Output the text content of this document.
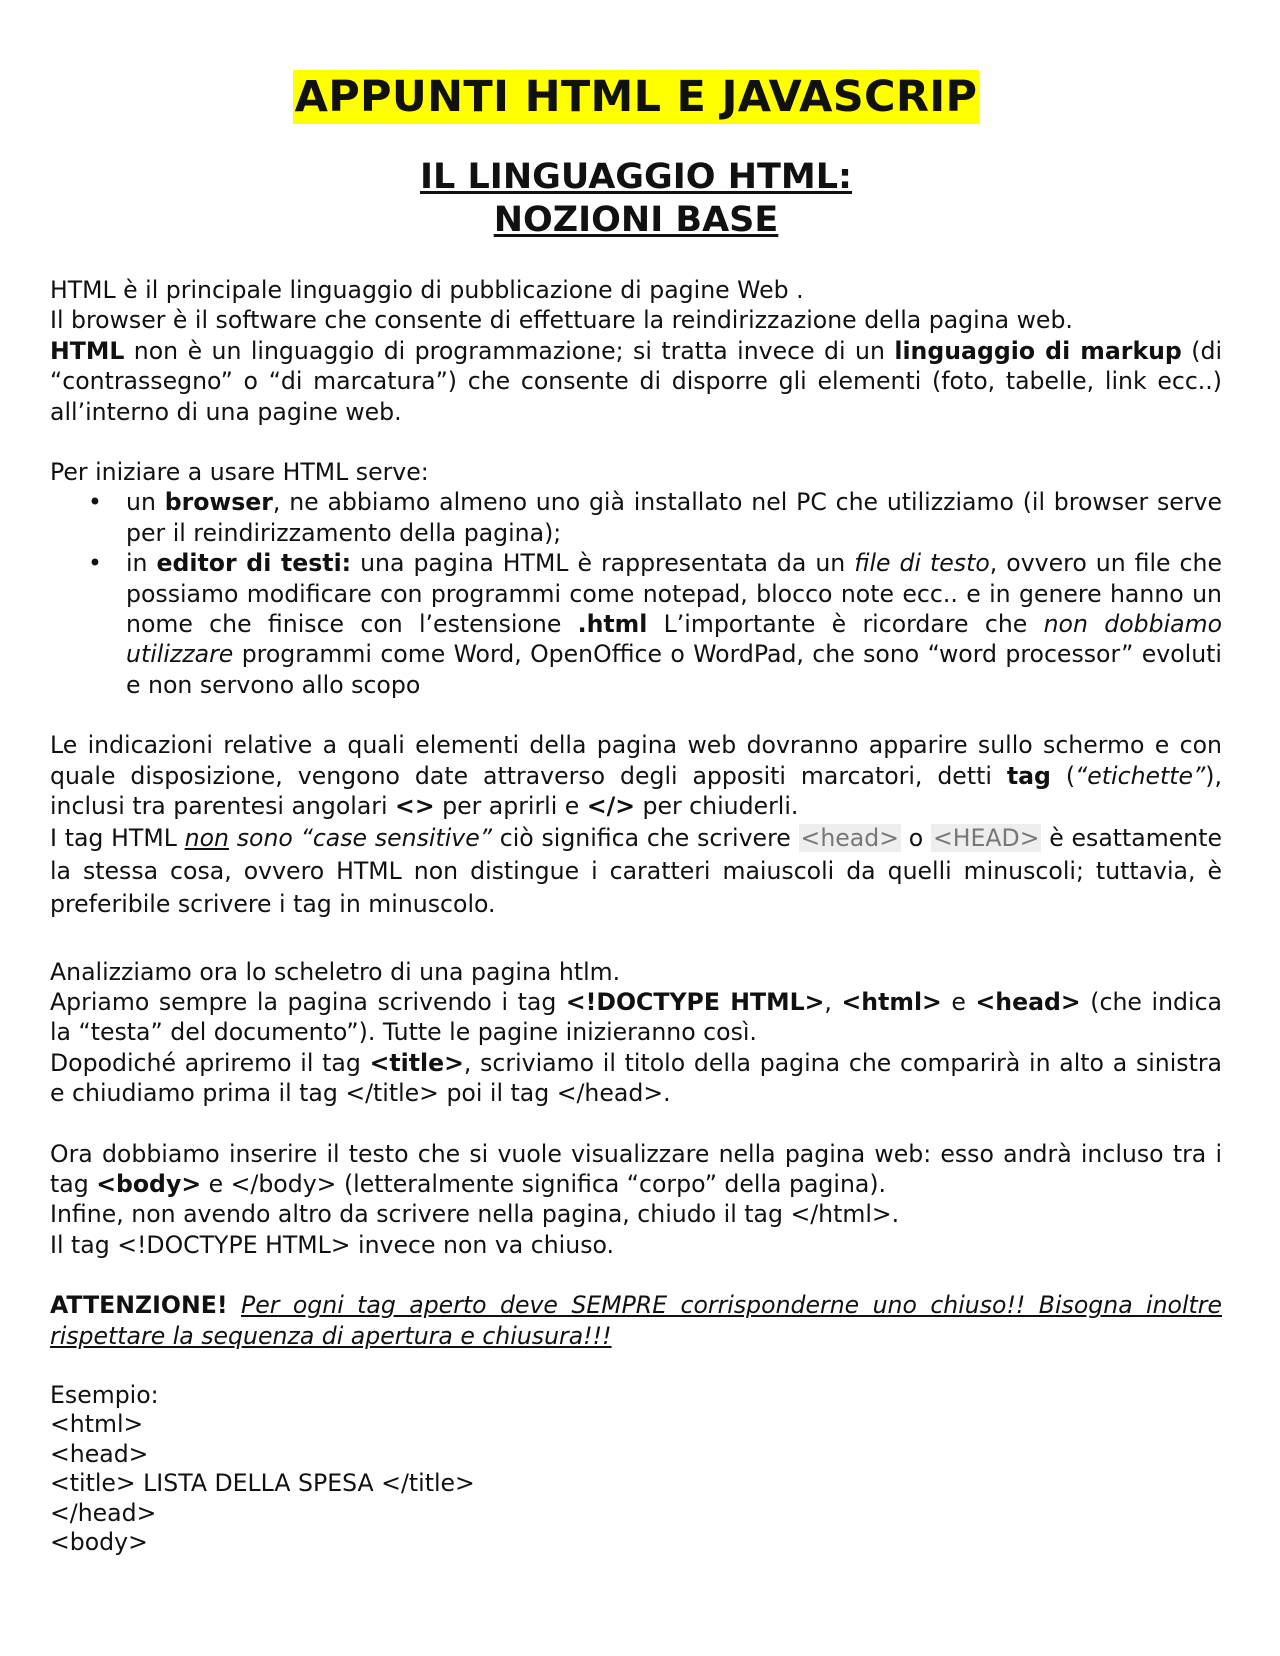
APPUNTI HTML E JAVASCRIP
IL LINGUAGGIO HTML:
NOZIONI BASE

HTML è il principale linguaggio di pubblicazione di pagine Web .

Il browser è il software che consente di effettuare la reindirizzazione della pagina web.

HTML non è un linguaggio di programmazione; si tratta invece di un linguaggio di markup (di “contrassegno” o “di marcatura”) che consente di disporre gli elementi (foto, tabelle, link ecc..) all’interno di una pagine web.

Per iniziare a usare HTML serve:

• un browser, ne abbiamo almeno uno già installato nel PC che utilizziamo (il browser serve per il reindirizzamento della pagina);
• in editor di testi: una pagina HTML è rappresentata da un file di testo, ovvero un file che possiamo modificare con programmi come notepad, blocco note ecc.. e in genere hanno un nome che finisce con l’estensione .html L’importante è ricordare che non dobbiamo utilizzare programmi come Word, OpenOffice o WordPad, che sono “word processor” evoluti e non servono allo scopo

Le indicazioni relative a quali elementi della pagina web dovranno apparire sullo schermo e con quale disposizione, vengono date attraverso degli appositi marcatori, detti tag (“etichette”), inclusi tra parentesi angolari <> per aprirli e </> per chiuderli.

I tag HTML non sono “case sensitive” ciò significa che scrivere <head> o <HEAD> è esattamente la stessa cosa, ovvero HTML non distingue i caratteri maiuscoli da quelli minuscoli; tuttavia, è preferibile scrivere i tag in minuscolo.

Analizziamo ora lo scheletro di una pagina htlm.

Apriamo sempre la pagina scrivendo i tag <!DOCTYPE HTML>, <html> e <head> (che indica la “testa” del documento”). Tutte le pagine inizieranno così.

Dopodiché apriremo il tag <title>, scriviamo il titolo della pagina che comparirà in alto a sinistra e chiudiamo prima il tag </title> poi il tag </head>.

Ora dobbiamo inserire il testo che si vuole visualizzare nella pagina web: esso andrà incluso tra i tag <body> e </body> (letteralmente significa “corpo” della pagina).

Infine, non avendo altro da scrivere nella pagina, chiudo il tag </html>.

Il tag <!DOCTYPE HTML> invece non va chiuso.

ATTENZIONE! Per ogni tag aperto deve SEMPRE corrisponderne uno chiuso!! Bisogna inoltre rispettare la sequenza di apertura e chiusura!!!

Esempio:

<html>

<head>

<title> LISTA DELLA SPESA </title>

</head>

<body>
